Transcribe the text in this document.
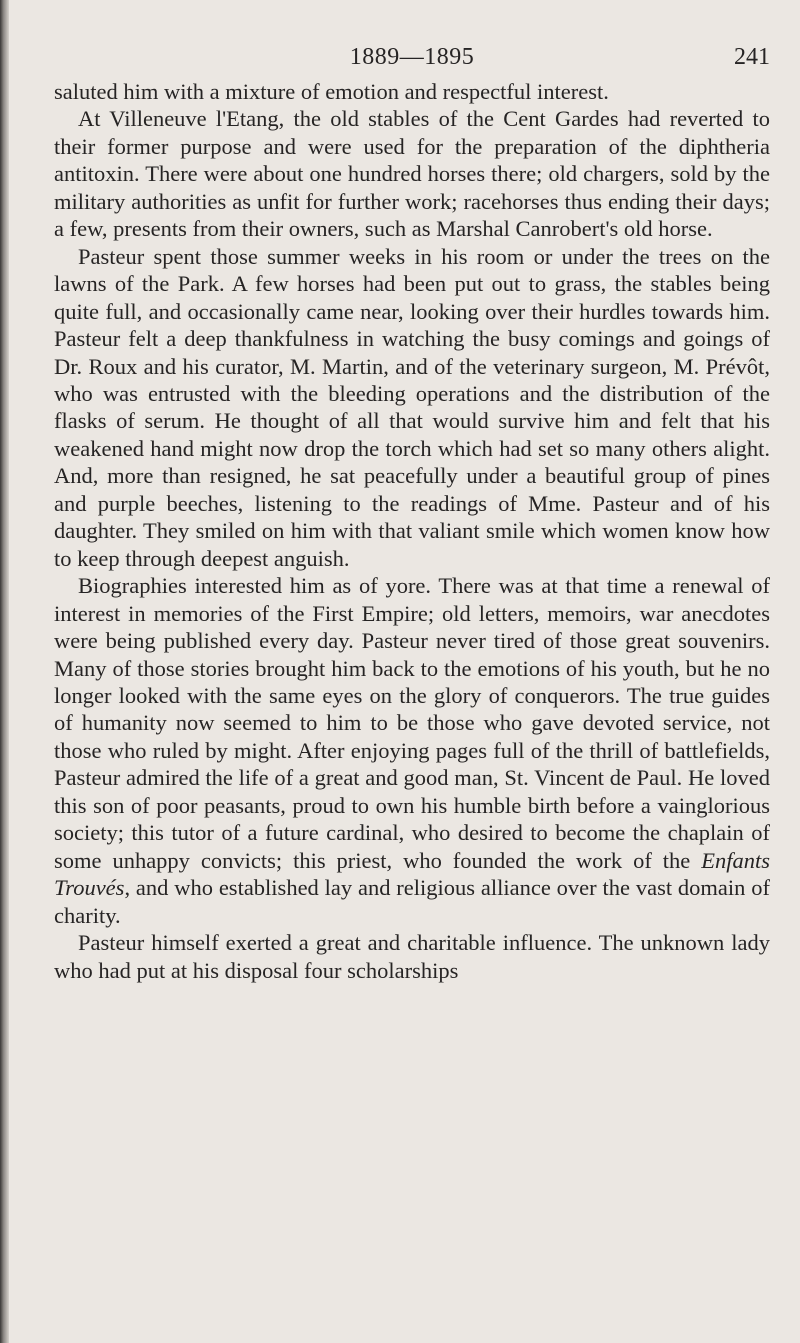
1889—1895	241

saluted him with a mixture of emotion and respectful interest.

At Villeneuve l'Etang, the old stables of the Cent Gardes had reverted to their former purpose and were used for the preparation of the diphtheria antitoxin. There were about one hundred horses there; old chargers, sold by the military authorities as unfit for further work; racehorses thus ending their days; a few, presents from their owners, such as Marshal Canrobert's old horse.

Pasteur spent those summer weeks in his room or under the trees on the lawns of the Park. A few horses had been put out to grass, the stables being quite full, and occasionally came near, looking over their hurdles towards him. Pasteur felt a deep thankfulness in watching the busy comings and goings of Dr. Roux and his curator, M. Martin, and of the veterinary surgeon, M. Prévôt, who was entrusted with the bleeding operations and the distribution of the flasks of serum. He thought of all that would survive him and felt that his weakened hand might now drop the torch which had set so many others alight. And, more than resigned, he sat peacefully under a beautiful group of pines and purple beeches, listening to the readings of Mme. Pasteur and of his daughter. They smiled on him with that valiant smile which women know how to keep through deepest anguish.

Biographies interested him as of yore. There was at that time a renewal of interest in memories of the First Empire; old letters, memoirs, war anecdotes were being published every day. Pasteur never tired of those great souvenirs. Many of those stories brought him back to the emotions of his youth, but he no longer looked with the same eyes on the glory of conquerors. The true guides of humanity now seemed to him to be those who gave devoted service, not those who ruled by might. After enjoying pages full of the thrill of battlefields, Pasteur admired the life of a great and good man, St. Vincent de Paul. He loved this son of poor peasants, proud to own his humble birth before a vainglorious society; this tutor of a future cardinal, who desired to become the chaplain of some unhappy convicts; this priest, who founded the work of the Enfants Trouvés, and who established lay and religious alliance over the vast domain of charity.

Pasteur himself exerted a great and charitable influence. The unknown lady who had put at his disposal four scholarships
